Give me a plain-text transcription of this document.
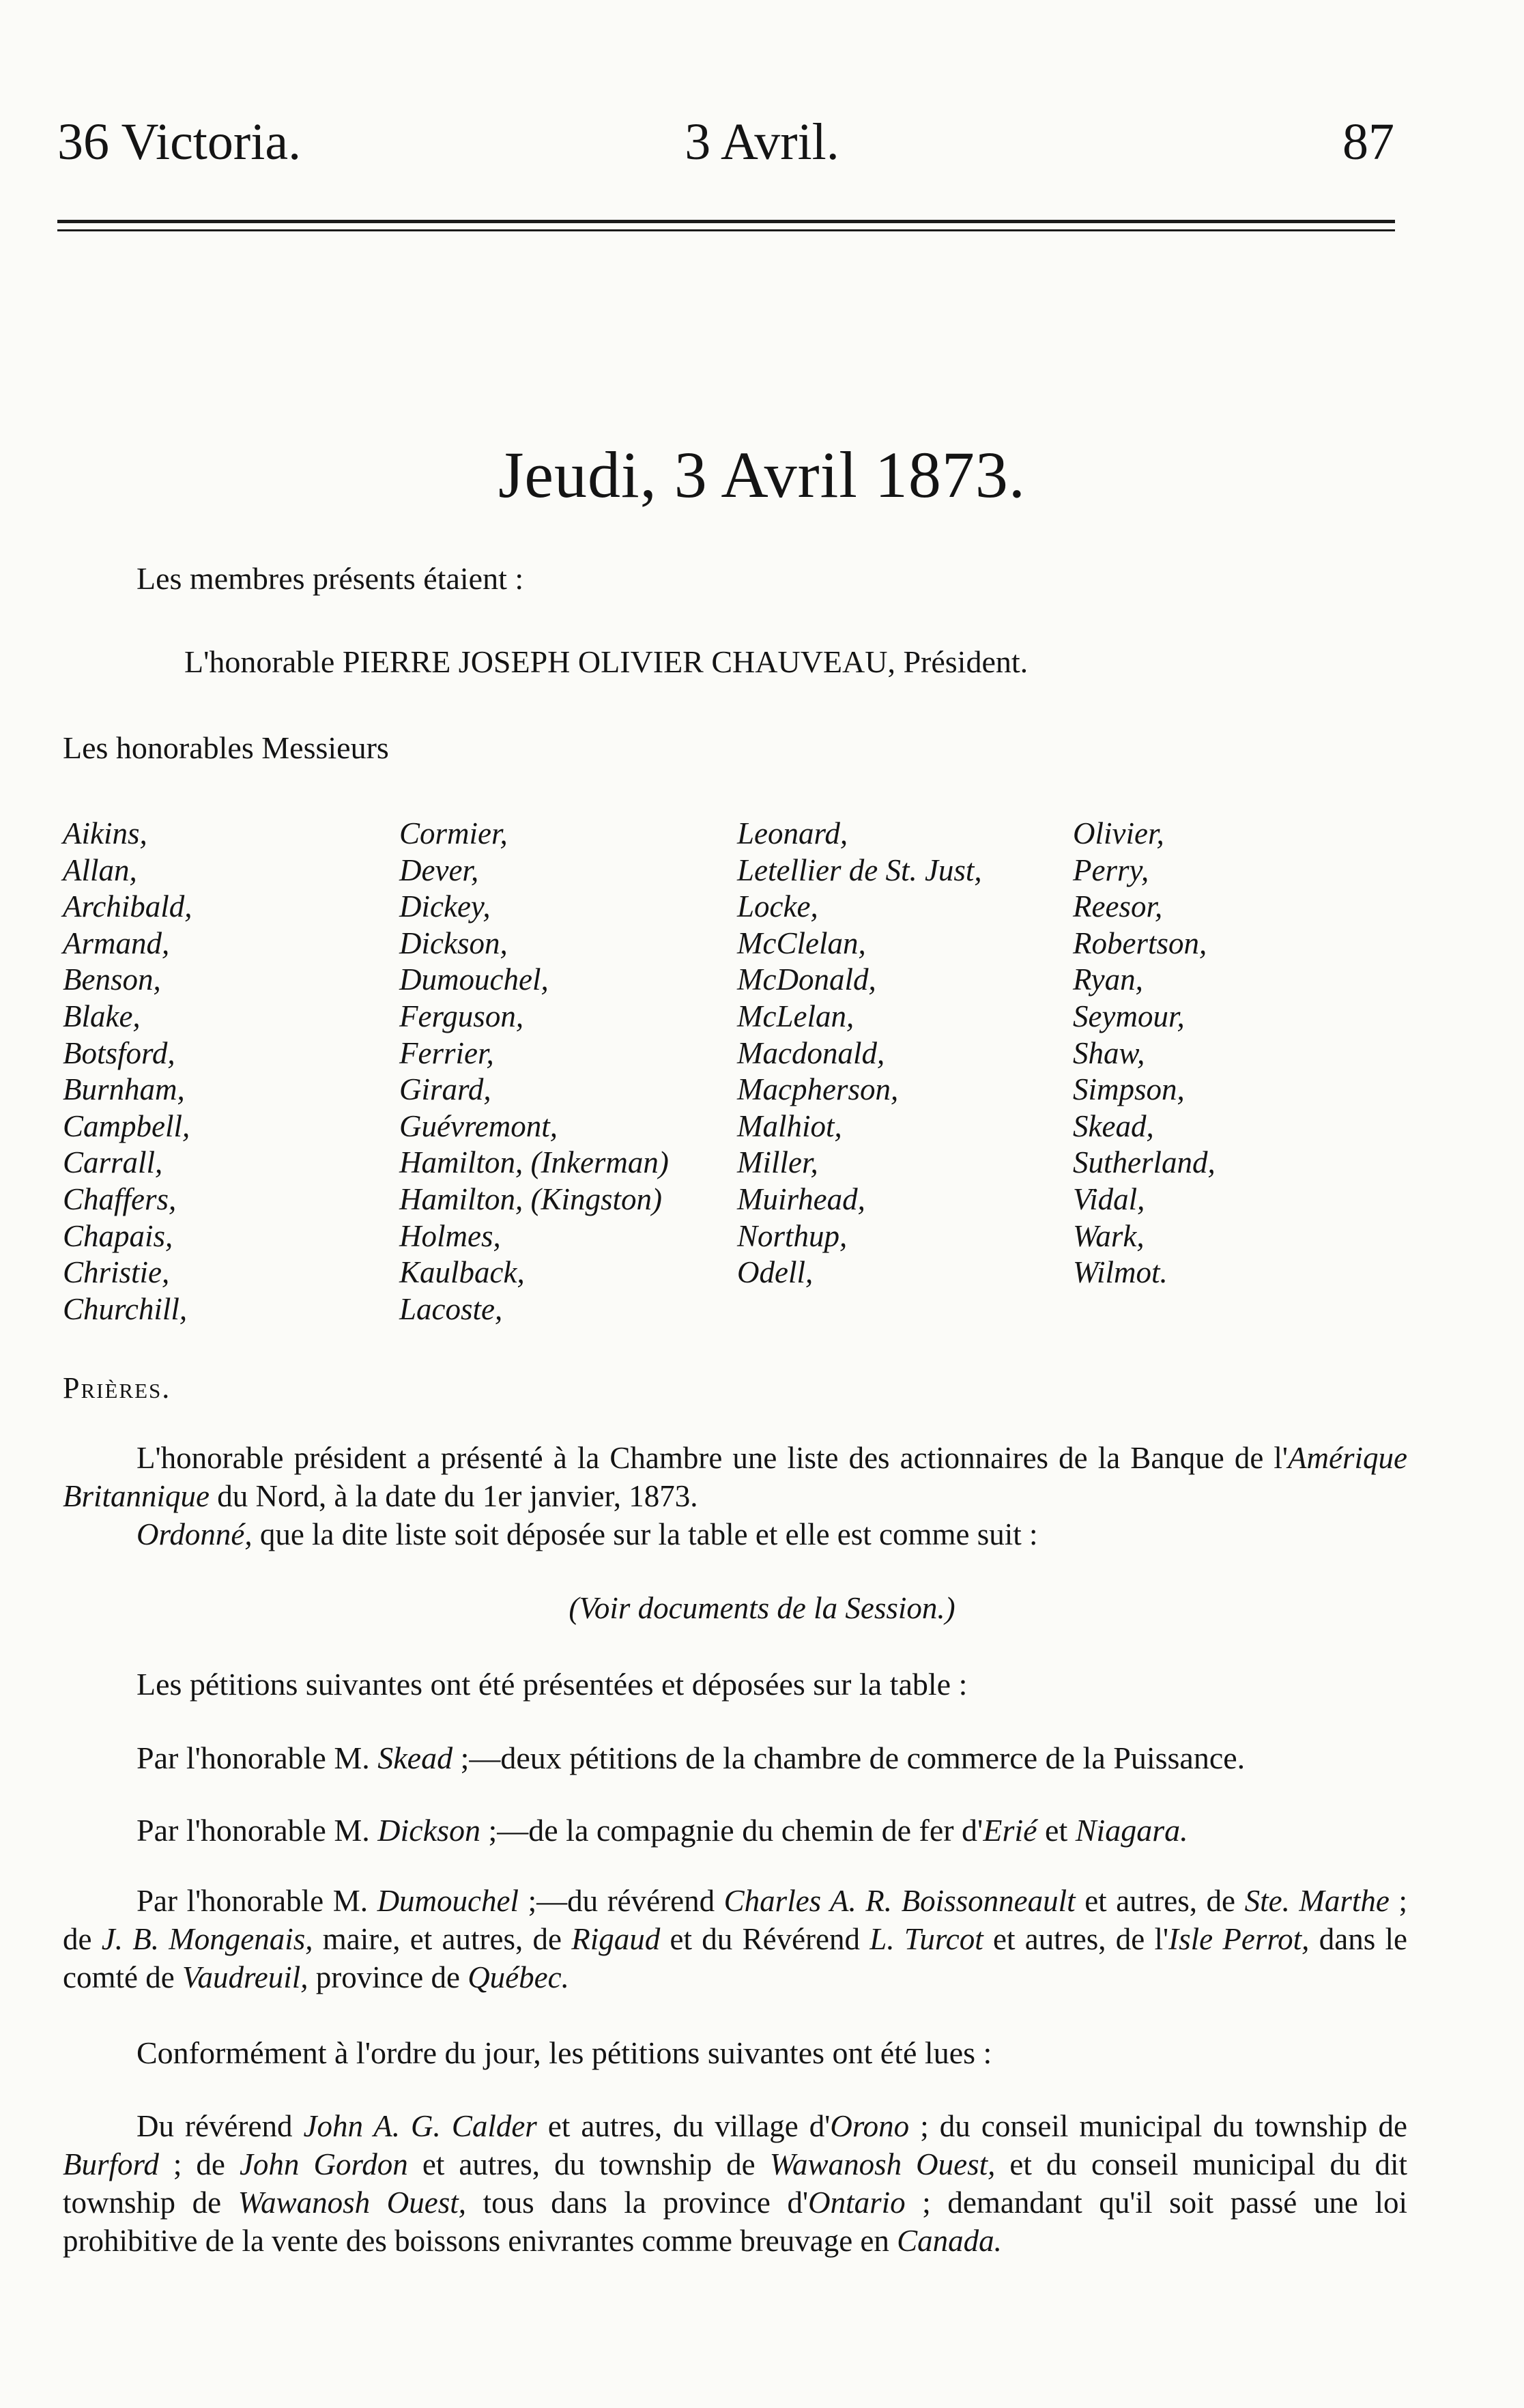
36 Victoria.	3 Avril.	87
Jeudi, 3 Avril 1873.
Les membres présents étaient :
L'honorable PIERRE JOSEPH OLIVIER CHAUVEAU, Président.
Les honorables Messieurs
Aikins,
Allan,
Archibald,
Armand,
Benson,
Blake,
Botsford,
Burnham,
Campbell,
Carrall,
Chaffers,
Chapais,
Christie,
Churchill,
Cormier,
Dever,
Dickey,
Dickson,
Dumouchel,
Ferguson,
Ferrier,
Girard,
Guévremont,
Hamilton, (Inkerman)
Hamilton, (Kingston)
Holmes,
Kaulback,
Lacoste,
Leonard,
Letellier de St. Just,
Locke,
McClelan,
McDonald,
McLelan,
Macdonald,
Macpherson,
Malhiot,
Miller,
Muirhead,
Northup,
Odell,
Olivier,
Perry,
Reesor,
Robertson,
Ryan,
Seymour,
Shaw,
Simpson,
Skead,
Sutherland,
Vidal,
Wark,
Wilmot.
Prières.
L'honorable président a présenté à la Chambre une liste des actionnaires de la Banque de l'Amérique Britannique du Nord, à la date du 1er janvier, 1873.
Ordonné, que la dite liste soit déposée sur la table et elle est comme suit :
(Voir documents de la Session.)
Les pétitions suivantes ont été présentées et déposées sur la table :
Par l'honorable M. Skead ;—deux pétitions de la chambre de commerce de la Puissance.
Par l'honorable M. Dickson ;—de la compagnie du chemin de fer d'Erié et Niagara.
Par l'honorable M. Dumouchel ;—du révérend Charles A. R. Boissonneault et autres, de Ste. Marthe ; de J. B. Mongenais, maire, et autres, de Rigaud et du Révérend L. Turcot et autres, de l'Isle Perrot, dans le comté de Vaudreuil, province de Québec.
Conformément à l'ordre du jour, les pétitions suivantes ont été lues :
Du révérend John A. G. Calder et autres, du village d'Orono ; du conseil municipal du township de Burford ; de John Gordon et autres, du township de Wawanosh Ouest, et du conseil municipal du dit township de Wawanosh Ouest, tous dans la province d'Ontario ; demandant qu'il soit passé une loi prohibitive de la vente des boissons enivrantes comme breuvage en Canada.
